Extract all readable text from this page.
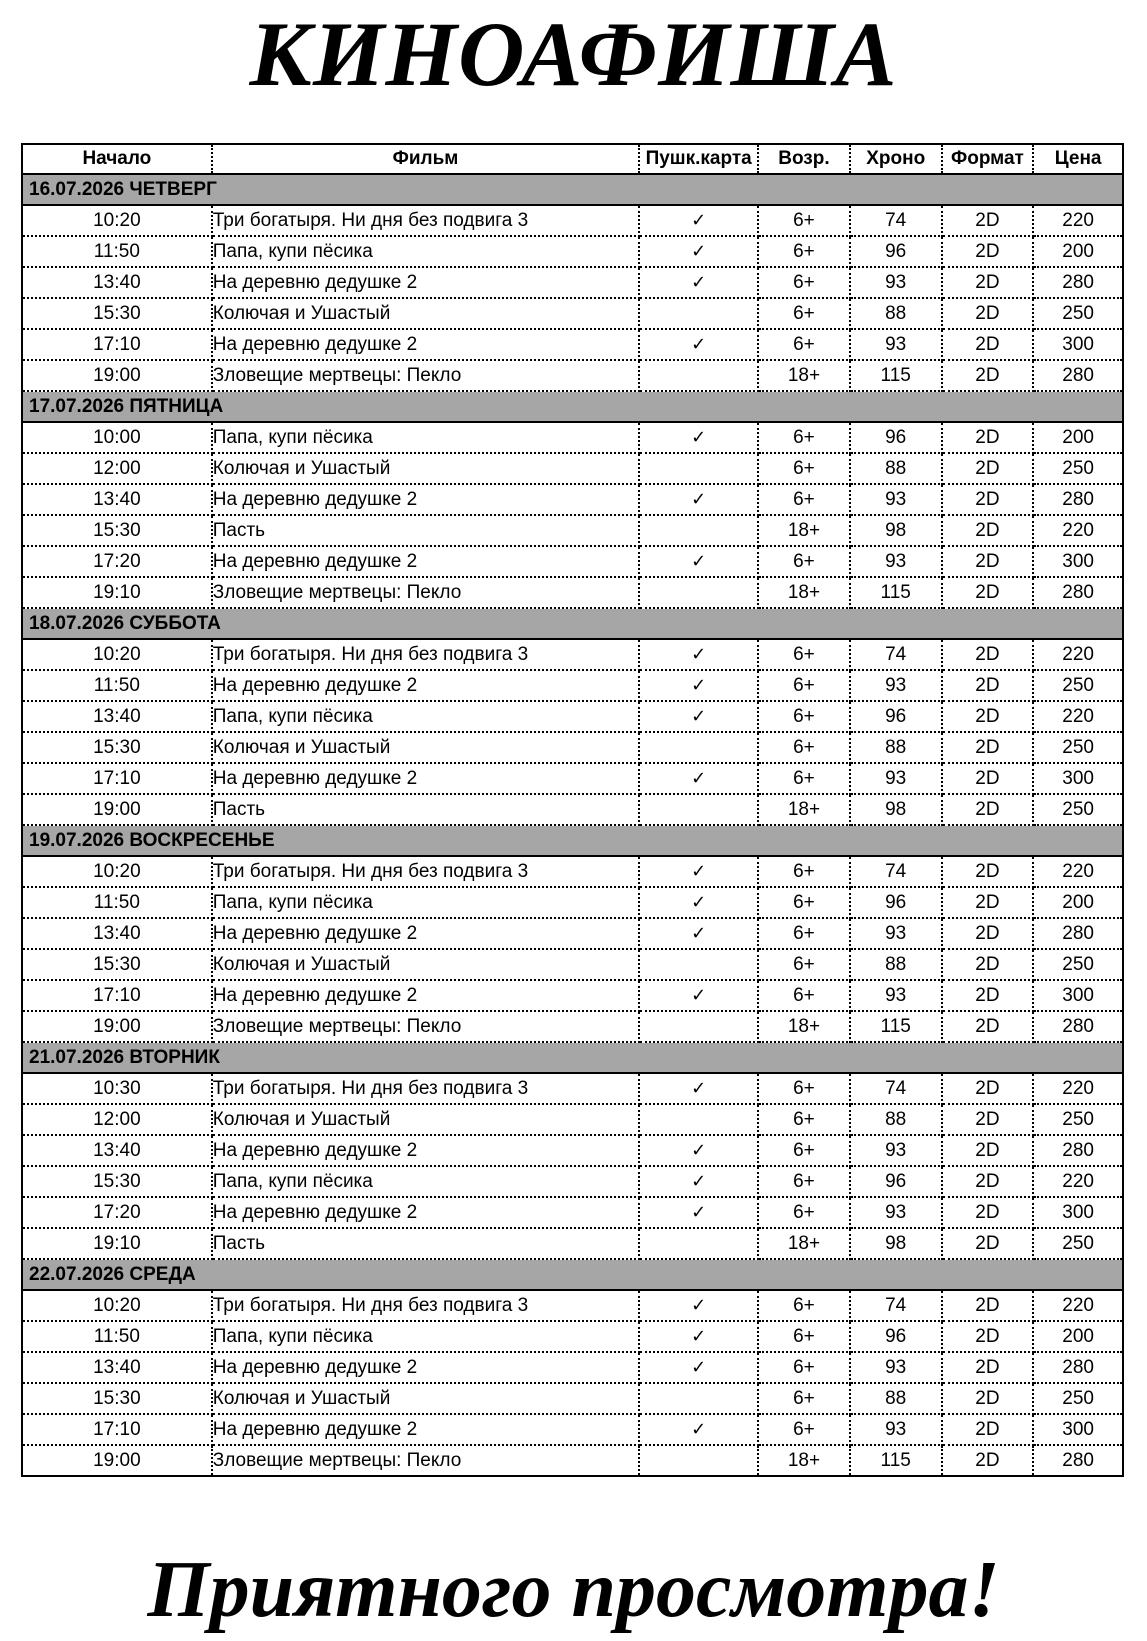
КИНОАФИША
Начало	Фильм	Пушк.карта	Возр.	Хроно	Формат	Цена
16.07.2026 ЧЕТВЕРГ						
10:20	Три богатыря. Ни дня без подвига 3	✓	6+	74	2D	220
11:50	Папа, купи пёсика	✓	6+	96	2D	200
13:40	На деревню дедушке 2	✓	6+	93	2D	280
15:30	Колючая и Ушастый		6+	88	2D	250
17:10	На деревню дедушке 2	✓	6+	93	2D	300
19:00	Зловещие мертвецы: Пекло		18+	115	2D	280
17.07.2026 ПЯТНИЦА						
10:00	Папа, купи пёсика	✓	6+	96	2D	200
12:00	Колючая и Ушастый		6+	88	2D	250
13:40	На деревню дедушке 2	✓	6+	93	2D	280
15:30	Пасть		18+	98	2D	220
17:20	На деревню дедушке 2	✓	6+	93	2D	300
19:10	Зловещие мертвецы: Пекло		18+	115	2D	280
18.07.2026 СУББОТА						
10:20	Три богатыря. Ни дня без подвига 3	✓	6+	74	2D	220
11:50	На деревню дедушке 2	✓	6+	93	2D	250
13:40	Папа, купи пёсика	✓	6+	96	2D	220
15:30	Колючая и Ушастый		6+	88	2D	250
17:10	На деревню дедушке 2	✓	6+	93	2D	300
19:00	Пасть		18+	98	2D	250
19.07.2026 ВОСКРЕСЕНЬЕ						
10:20	Три богатыря. Ни дня без подвига 3	✓	6+	74	2D	220
11:50	Папа, купи пёсика	✓	6+	96	2D	200
13:40	На деревню дедушке 2	✓	6+	93	2D	280
15:30	Колючая и Ушастый		6+	88	2D	250
17:10	На деревню дедушке 2	✓	6+	93	2D	300
19:00	Зловещие мертвецы: Пекло		18+	115	2D	280
21.07.2026 ВТОРНИК						
10:30	Три богатыря. Ни дня без подвига 3	✓	6+	74	2D	220
12:00	Колючая и Ушастый		6+	88	2D	250
13:40	На деревню дедушке 2	✓	6+	93	2D	280
15:30	Папа, купи пёсика	✓	6+	96	2D	220
17:20	На деревню дедушке 2	✓	6+	93	2D	300
19:10	Пасть		18+	98	2D	250
22.07.2026 СРЕДА						
10:20	Три богатыря. Ни дня без подвига 3	✓	6+	74	2D	220
11:50	Папа, купи пёсика	✓	6+	96	2D	200
13:40	На деревню дедушке 2	✓	6+	93	2D	280
15:30	Колючая и Ушастый		6+	88	2D	250
17:10	На деревню дедушке 2	✓	6+	93	2D	300
19:00	Зловещие мертвецы: Пекло		18+	115	2D	280
Приятного просмотра!
